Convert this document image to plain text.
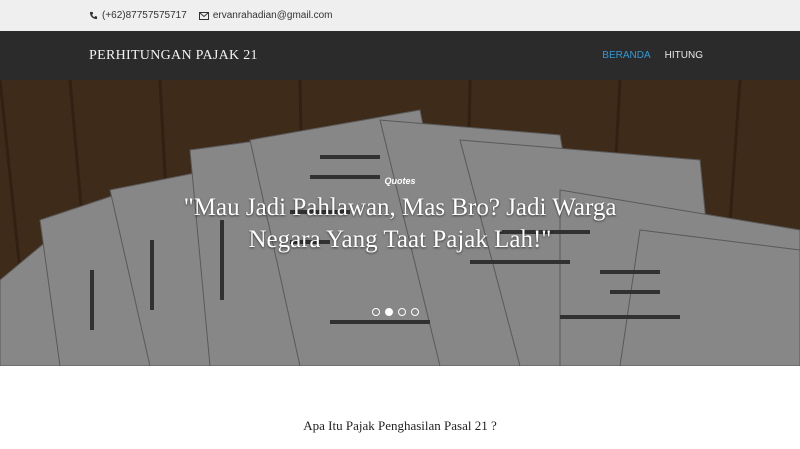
(+62)87757575717	ervanrahadian@gmail.com
PERHITUNGAN PAJAK 21	BERANDA HITUNG
Quotes
"Mau Jadi Pahlawan, Mas Bro? Jadi Warga Negara Yang Taat Pajak Lah!"
Apa Itu Pajak Penghasilan Pasal 21 ?
